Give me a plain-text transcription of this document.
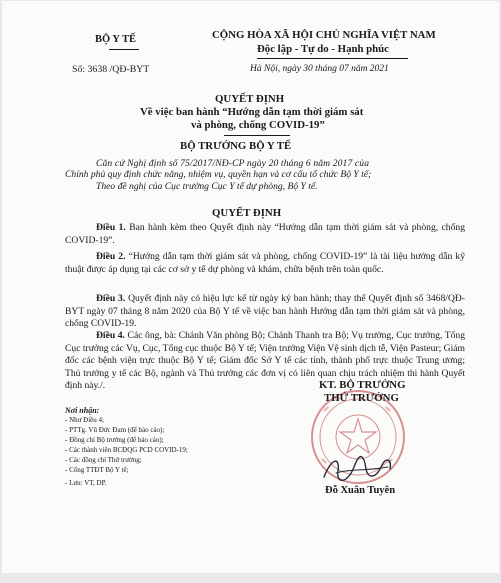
BỘ Y TẾ	CỘNG HÒA XÃ HỘI CHỦ NGHĨA VIỆT NAM
Độc lập - Tự do - Hạnh phúc
Số: 3638 /QĐ-BYT	Hà Nội, ngày 30 tháng 07 năm 2021
QUYẾT ĐỊNH
Về việc ban hành “Hướng dẫn tạm thời giám sát
và phòng, chống COVID-19”
BỘ TRƯỞNG BỘ Y TẾ
Căn cứ Nghị định số 75/2017/NĐ-CP ngày 20 tháng 6 năm 2017 của
Chính phủ quy định chức năng, nhiệm vụ, quyền hạn và cơ cấu tổ chức Bộ Y tế;
Theo đề nghị của Cục trưởng Cục Y tế dự phòng, Bộ Y tế.
QUYẾT ĐỊNH
Điều 1. Ban hành kèm theo Quyết định này “Hướng dẫn tạm thời giám sát và phòng, chống COVID-19”.
Điều 2. “Hướng dẫn tạm thời giám sát và phòng, chống COVID-19” là tài liệu hướng dẫn kỹ thuật được áp dụng tại các cơ sở y tế dự phòng và khám, chữa bệnh trên toàn quốc.
Điều 3. Quyết định này có hiệu lực kể từ ngày ký ban hành; thay thế Quyết định số 3468/QĐ-BYT ngày 07 tháng 8 năm 2020 của Bộ Y tế về việc ban hành Hướng dẫn tạm thời giám sát và phòng, chống COVID-19.
Điều 4. Các ông, bà: Chánh Văn phòng Bộ; Chánh Thanh tra Bộ; Vụ trưởng, Cục trưởng, Tổng Cục trưởng các Vụ, Cục, Tổng cục thuộc Bộ Y tế; Viện trưởng Viện Vệ sinh dịch tễ, Viện Pasteur; Giám đốc các bệnh viện trực thuộc Bộ Y tế; Giám đốc Sở Y tế các tỉnh, thành phố trực thuộc Trung ương; Thủ trưởng y tế các Bộ, ngành và Thủ trưởng các đơn vị có liên quan chịu trách nhiệm thi hành Quyết định này./.
Nơi nhận:
- Như Điều 4;
- PTTg. Vũ Đức Đam (để báo cáo);
- Đồng chí Bộ trưởng (để báo cáo);
- Các thành viên BCĐQG PCD COVID-19;
- Các đồng chí Thứ trưởng;
- Cổng TTĐT Bộ Y tế;
- Lưu: VT, DP.
KT. BỘ TRƯỞNG
THỨ TRƯỞNG
Đỗ Xuân Tuyên
